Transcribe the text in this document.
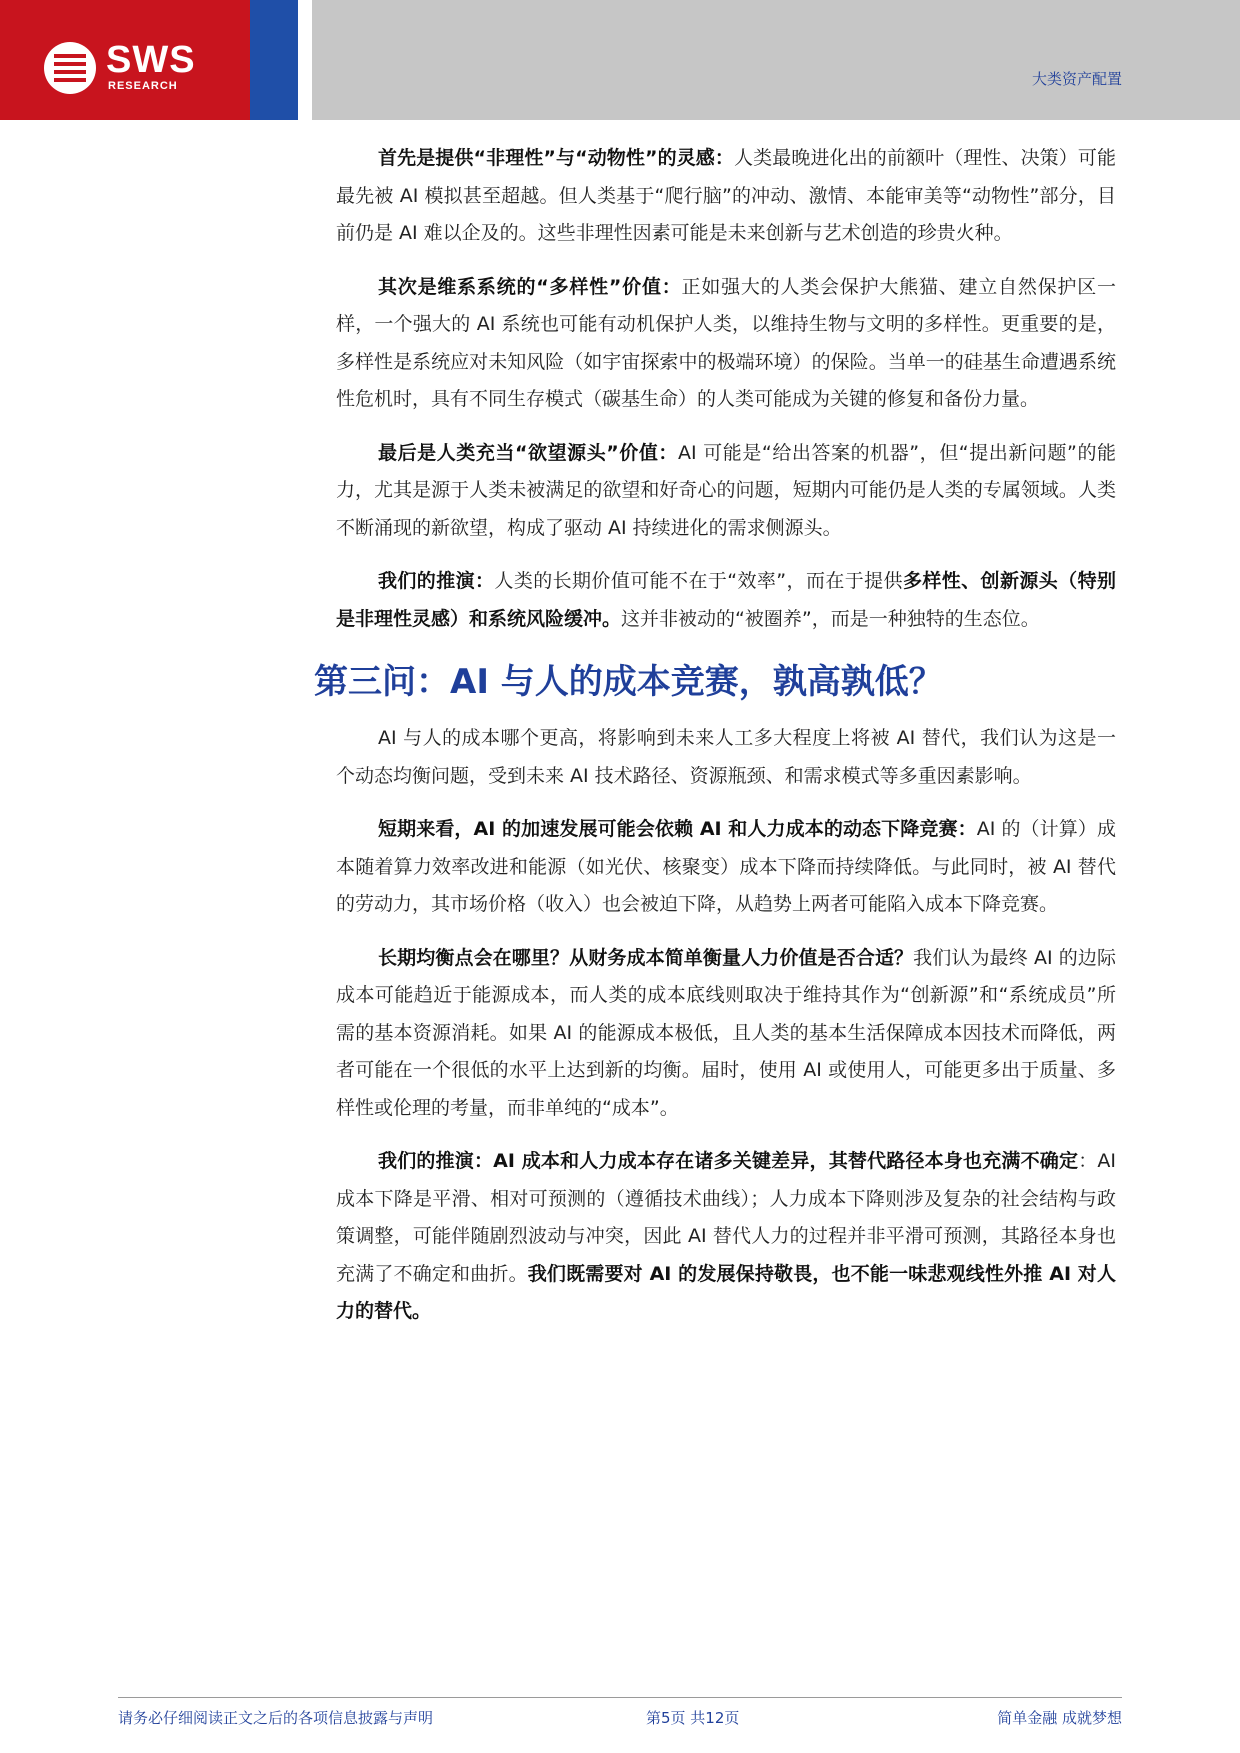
SWS
RESEARCH	大类资产配置

首先是提供“非理性”与“动物性”的灵感：人类最晚进化出的前额叶（理性、决策）可能最先被 AI 模拟甚至超越。但人类基于“爬行脑”的冲动、激情、本能审美等“动物性”部分，目前仍是 AI 难以企及的。这些非理性因素可能是未来创新与艺术创造的珍贵火种。

其次是维系系统的“多样性”价值：正如强大的人类会保护大熊猫、建立自然保护区一样，一个强大的 AI 系统也可能有动机保护人类，以维持生物与文明的多样性。更重要的是，多样性是系统应对未知风险（如宇宙探索中的极端环境）的保险。当单一的硅基生命遭遇系统性危机时，具有不同生存模式（碳基生命）的人类可能成为关键的修复和备份力量。

最后是人类充当“欲望源头”价值：AI 可能是“给出答案的机器”，但“提出新问题”的能力，尤其是源于人类未被满足的欲望和好奇心的问题，短期内可能仍是人类的专属领域。人类不断涌现的新欲望，构成了驱动 AI 持续进化的需求侧源头。

我们的推演：人类的长期价值可能不在于“效率”，而在于提供多样性、创新源头（特别是非理性灵感）和系统风险缓冲。这并非被动的“被圈养”，而是一种独特的生态位。

第三问：AI 与人的成本竞赛，孰高孰低？

AI 与人的成本哪个更高，将影响到未来人工多大程度上将被 AI 替代，我们认为这是一个动态均衡问题，受到未来 AI 技术路径、资源瓶颈、和需求模式等多重因素影响。

短期来看，AI 的加速发展可能会依赖 AI 和人力成本的动态下降竞赛：AI 的（计算）成本随着算力效率改进和能源（如光伏、核聚变）成本下降而持续降低。与此同时，被 AI 替代的劳动力，其市场价格（收入）也会被迫下降，从趋势上两者可能陷入成本下降竞赛。

长期均衡点会在哪里？从财务成本简单衡量人力价值是否合适？我们认为最终 AI 的边际成本可能趋近于能源成本，而人类的成本底线则取决于维持其作为“创新源”和“系统成员”所需的基本资源消耗。如果 AI 的能源成本极低，且人类的基本生活保障成本因技术而降低，两者可能在一个很低的水平上达到新的均衡。届时，使用 AI 或使用人，可能更多出于质量、多样性或伦理的考量，而非单纯的“成本”。

我们的推演：AI 成本和人力成本存在诸多关键差异，其替代路径本身也充满不确定：AI 成本下降是平滑、相对可预测的（遵循技术曲线）；人力成本下降则涉及复杂的社会结构与政策调整，可能伴随剧烈波动与冲突，因此 AI 替代人力的过程并非平滑可预测，其路径本身也充满了不确定和曲折。我们既需要对 AI 的发展保持敬畏，也不能一味悲观线性外推 AI 对人力的替代。

请务必仔细阅读正文之后的各项信息披露与声明	第5页 共12页	简单金融 成就梦想
